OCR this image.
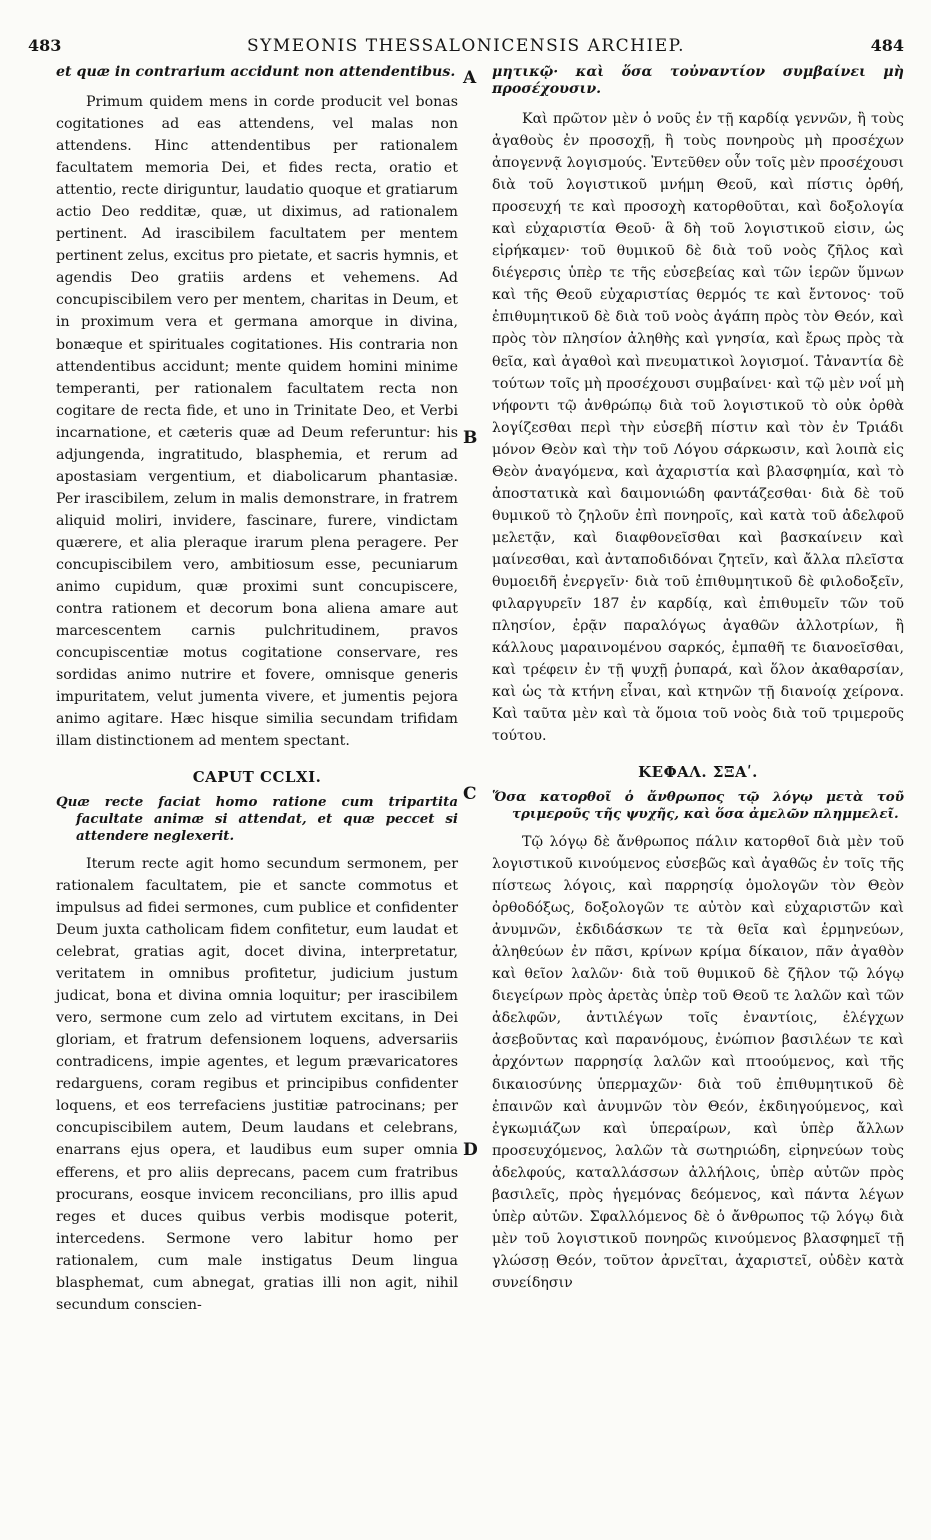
483	SYMEONIS THESSALONICENSIS ARCHIEP.	484

et quæ in contrarium accidunt non attendentibus.

Primum quidem mens in corde producit vel bonas cogitationes ad eas attendens, vel malas non attendens. Hinc attendentibus per rationalem facultatem memoria Dei, et fides recta, oratio et attentio, recte diriguntur, laudatio quoque et gratiarum actio Deo redditæ, quæ, ut diximus, ad rationalem pertinent. Ad irascibilem facultatem per mentem pertinent zelus, excitus pro pietate, et sacris hymnis, et agendis Deo gratiis ardens et vehemens. Ad concupiscibilem vero per mentem, charitas in Deum, et in proximum vera et germana amorque in divina, bonæque et spirituales cogitationes. His contraria non attendentibus accidunt; mente quidem homini minime temperanti, per rationalem facultatem recta non cogitare de recta fide, et uno in Trinitate Deo, et Verbi incarnatione, et cæteris quæ ad Deum referuntur: his adjungenda, ingratitudo, blasphemia, et rerum ad apostasiam vergentium, et diabolicarum phantasiæ. Per irascibilem, zelum in malis demonstrare, in fratrem aliquid moliri, invidere, fascinare, furere, vindictam quærere, et alia pleraque irarum plena peragere. Per concupiscibilem vero, ambitiosum esse, pecuniarum animo cupidum, quæ proximi sunt concupiscere, contra rationem et decorum bona aliena amare aut marcescentem carnis pulchritudinem, pravos concupiscentiæ motus cogitatione conservare, res sordidas animo nutrire et fovere, omnisque generis impuritatem, velut jumenta vivere, et jumentis pejora animo agitare. Hæc hisque similia secundam trifidam illam distinctionem ad mentem spectant.

CAPUT CCLXI.

Quæ recte faciat homo ratione cum tripartita facultate animæ si attendat, et quæ peccet si attendere neglexerit.

Iterum recte agit homo secundum sermonem, per rationalem facultatem, pie et sancte commotus et impulsus ad fidei sermones, cum publice et confidenter Deum juxta catholicam fidem confitetur, eum laudat et celebrat, gratias agit, docet divina, interpretatur, veritatem in omnibus profitetur, judicium justum judicat, bona et divina omnia loquitur; per irascibilem vero, sermone cum zelo ad virtutem excitans, in Dei gloriam, et fratrum defensionem loquens, adversariis contradicens, impie agentes, et legum prævaricatores redarguens, coram regibus et principibus confidenter loquens, et eos terrefaciens justitiæ patrocinans; per concupiscibilem autem, Deum laudans et celebrans, enarrans ejus opera, et laudibus eum super omnia efferens, et pro aliis deprecans, pacem cum fratribus procurans, eosque invicem reconcilians, pro illis apud reges et duces quibus verbis modisque poterit, intercedens. Sermone vero labitur homo per rationalem, cum male instigatus Deum lingua blasphemat, cum abnegat, gratias illi non agit, nihil secundum conscien-

A
B
C
D

μητικῷ· καὶ ὅσα τοὐναντίον συμβαίνει μὴ προσέχουσιν.

Καὶ πρῶτον μὲν ὁ νοῦς ἐν τῇ καρδίᾳ γεννῶν, ἢ τοὺς ἀγαθοὺς ἐν προσοχῇ, ἢ τοὺς πονηροὺς μὴ προσέχων ἀπογεννᾷ λογισμούς. Ἐντεῦθεν οὖν τοῖς μὲν προσέχουσι διὰ τοῦ λογιστικοῦ μνήμη Θεοῦ, καὶ πίστις ὀρθή, προσευχή τε καὶ προσοχὴ κατορθοῦται, καὶ δοξολογία καὶ εὐχαριστία Θεοῦ· ἃ δὴ τοῦ λογιστικοῦ εἰσιν, ὡς εἰρήκαμεν· τοῦ θυμικοῦ δὲ διὰ τοῦ νοὸς ζῆλος καὶ διέγερσις ὑπὲρ τε τῆς εὐσεβείας καὶ τῶν ἱερῶν ὕμνων καὶ τῆς Θεοῦ εὐχαριστίας θερμός τε καὶ ἔντονος· τοῦ ἐπιθυμητικοῦ δὲ διὰ τοῦ νοὸς ἀγάπη πρὸς τὸν Θεόν, καὶ πρὸς τὸν πλησίον ἀληθὴς καὶ γνησία, καὶ ἔρως πρὸς τὰ θεῖα, καὶ ἀγαθοὶ καὶ πνευματικοὶ λογισμοί. Τἀναντία δὲ τούτων τοῖς μὴ προσέχουσι συμβαίνει· καὶ τῷ μὲν νοΐ μὴ νήφοντι τῷ ἀνθρώπῳ διὰ τοῦ λογιστικοῦ τὸ οὐκ ὀρθὰ λογίζεσθαι περὶ τὴν εὐσεβῆ πίστιν καὶ τὸν ἐν Τριάδι μόνον Θεὸν καὶ τὴν τοῦ Λόγου σάρκωσιν, καὶ λοιπὰ εἰς Θεὸν ἀναγόμενα, καὶ ἀχαριστία καὶ βλασφημία, καὶ τὸ ἀποστατικὰ καὶ δαιμονιώδη φαντάζεσθαι· διὰ δὲ τοῦ θυμικοῦ τὸ ζηλοῦν ἐπὶ πονηροῖς, καὶ κατὰ τοῦ ἀδελφοῦ μελετᾷν, καὶ διαφθονεῖσθαι καὶ βασκαίνειν καὶ μαίνεσθαι, καὶ ἀνταποδιδόναι ζητεῖν, καὶ ἄλλα πλεῖστα θυμοειδῆ ἐνεργεῖν· διὰ τοῦ ἐπιθυμητικοῦ δὲ φιλοδοξεῖν, φιλαργυρεῖν 187 ἐν καρδίᾳ, καὶ ἐπιθυμεῖν τῶν τοῦ πλησίον, ἐρᾷν παραλόγως ἀγαθῶν ἀλλοτρίων, ἢ κάλλους μαραινομένου σαρκός, ἐμπαθῆ τε διανοεῖσθαι, καὶ τρέφειν ἐν τῇ ψυχῇ ῥυπαρά, καὶ ὅλον ἀκαθαρσίαν, καὶ ὡς τὰ κτήνη εἶναι, καὶ κτηνῶν τῇ διανοίᾳ χείρονα. Καὶ ταῦτα μὲν καὶ τὰ ὅμοια τοῦ νοὸς διὰ τοῦ τριμεροῦς τούτου.

ΚΕΦΑΛ. ΣΞΑʹ.

Ὅσα κατορθοῖ ὁ ἄνθρωπος τῷ λόγῳ μετὰ τοῦ τριμεροῦς τῆς ψυχῆς, καὶ ὅσα ἀμελῶν πλημμελεῖ.

Τῷ λόγῳ δὲ ἄνθρωπος πάλιν κατορθοῖ διὰ μὲν τοῦ λογιστικοῦ κινούμενος εὐσεβῶς καὶ ἀγαθῶς ἐν τοῖς τῆς πίστεως λόγοις, καὶ παρρησίᾳ ὁμολογῶν τὸν Θεὸν ὀρθοδόξως, δοξολογῶν τε αὐτὸν καὶ εὐχαριστῶν καὶ ἀνυμνῶν, ἐκδιδάσκων τε τὰ θεῖα καὶ ἑρμηνεύων, ἀληθεύων ἐν πᾶσι, κρίνων κρίμα δίκαιον, πᾶν ἀγαθὸν καὶ θεῖον λαλῶν· διὰ τοῦ θυμικοῦ δὲ ζῆλον τῷ λόγῳ διεγείρων πρὸς ἀρετὰς ὑπὲρ τοῦ Θεοῦ τε λαλῶν καὶ τῶν ἀδελφῶν, ἀντιλέγων τοῖς ἐναντίοις, ἐλέγχων ἀσεβοῦντας καὶ παρανόμους, ἐνώπιον βασιλέων τε καὶ ἀρχόντων παρρησίᾳ λαλῶν καὶ πτοούμενος, καὶ τῆς δικαιοσύνης ὑπερμαχῶν· διὰ τοῦ ἐπιθυμητικοῦ δὲ ἐπαινῶν καὶ ἀνυμνῶν τὸν Θεόν, ἐκδιηγούμενος, καὶ ἐγκωμιάζων καὶ ὑπεραίρων, καὶ ὑπὲρ ἄλλων προσευχόμενος, λαλῶν τὰ σωτηριώδη, εἰρηνεύων τοὺς ἀδελφούς, καταλλάσσων ἀλλήλοις, ὑπὲρ αὐτῶν πρὸς βασιλεῖς, πρὸς ἡγεμόνας δεόμενος, καὶ πάντα λέγων ὑπὲρ αὐτῶν. Σφαλλόμενος δὲ ὁ ἄνθρωπος τῷ λόγῳ διὰ μὲν τοῦ λογιστικοῦ πονηρῶς κινούμενος βλασφημεῖ τῇ γλώσσῃ Θεόν, τοῦτον ἀρνεῖται, ἀχαριστεῖ, οὐδὲν κατὰ συνείδησιν
